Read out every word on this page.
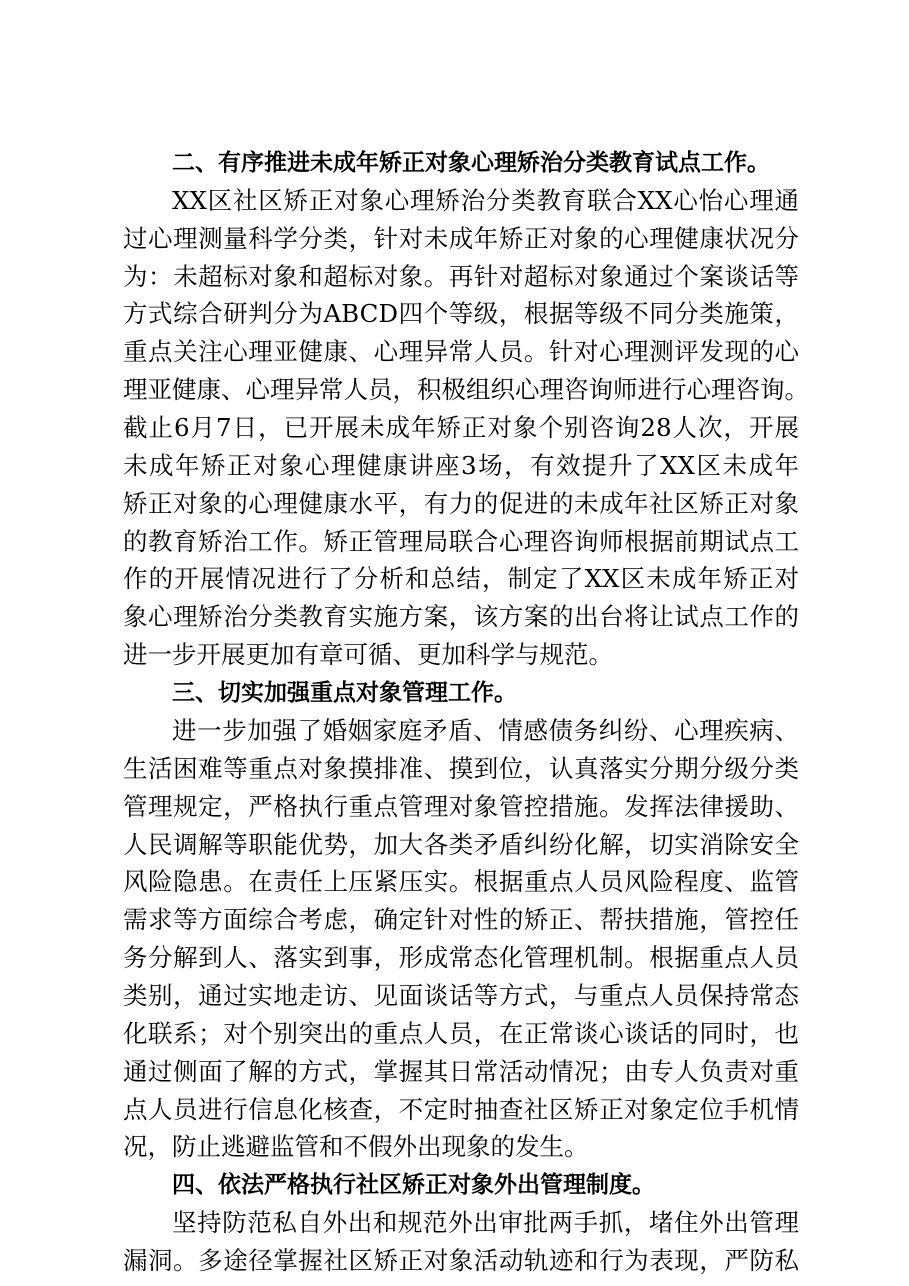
二、有序推进未成年矫正对象心理矫治分类教育试点工作。
XX区社区矫正对象心理矫治分类教育联合XX心怡心理通
过心理测量科学分类，针对未成年矫正对象的心理健康状况分
为：未超标对象和超标对象。再针对超标对象通过个案谈话等
方式综合研判分为ABCD四个等级，根据等级不同分类施策，
重点关注心理亚健康、心理异常人员。针对心理测评发现的心
理亚健康、心理异常人员，积极组织心理咨询师进行心理咨询。
截止6月7日，已开展未成年矫正对象个别咨询28人次，开展
未成年矫正对象心理健康讲座3场，有效提升了XX区未成年
矫正对象的心理健康水平，有力的促进的未成年社区矫正对象
的教育矫治工作。矫正管理局联合心理咨询师根据前期试点工
作的开展情况进行了分析和总结，制定了XX区未成年矫正对
象心理矫治分类教育实施方案，该方案的出台将让试点工作的
进一步开展更加有章可循、更加科学与规范。
三、切实加强重点对象管理工作。
进一步加强了婚姻家庭矛盾、情感债务纠纷、心理疾病、
生活困难等重点对象摸排准、摸到位，认真落实分期分级分类
管理规定，严格执行重点管理对象管控措施。发挥法律援助、
人民调解等职能优势，加大各类矛盾纠纷化解，切实消除安全
风险隐患。在责任上压紧压实。根据重点人员风险程度、监管
需求等方面综合考虑，确定针对性的矫正、帮扶措施，管控任
务分解到人、落实到事，形成常态化管理机制。根据重点人员
类别，通过实地走访、见面谈话等方式，与重点人员保持常态
化联系；对个别突出的重点人员，在正常谈心谈话的同时，也
通过侧面了解的方式，掌握其日常活动情况；由专人负责对重
点人员进行信息化核查，不定时抽查社区矫正对象定位手机情
况，防止逃避监管和不假外出现象的发生。
四、依法严格执行社区矫正对象外出管理制度。
坚持防范私自外出和规范外出审批两手抓，堵住外出管理
漏洞。多途径掌握社区矫正对象活动轨迹和行为表现，严防私
